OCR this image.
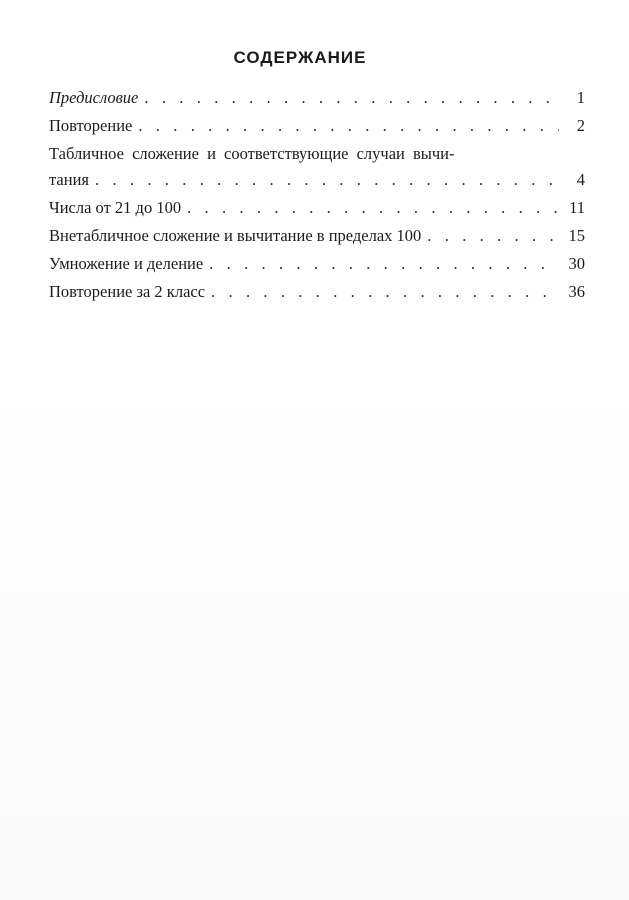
СОДЕРЖАНИЕ
Предисловие . . .	1
Повторение . . .	2
Табличное сложение и соответствующие случаи вычи-
тания . . .	4
Числа от 21 до 100 . . .	11
Внетабличное сложение и вычитание в пределах 100 . . .	15
Умножение и деление . . .	30
Повторение за 2 класс . . .	36
